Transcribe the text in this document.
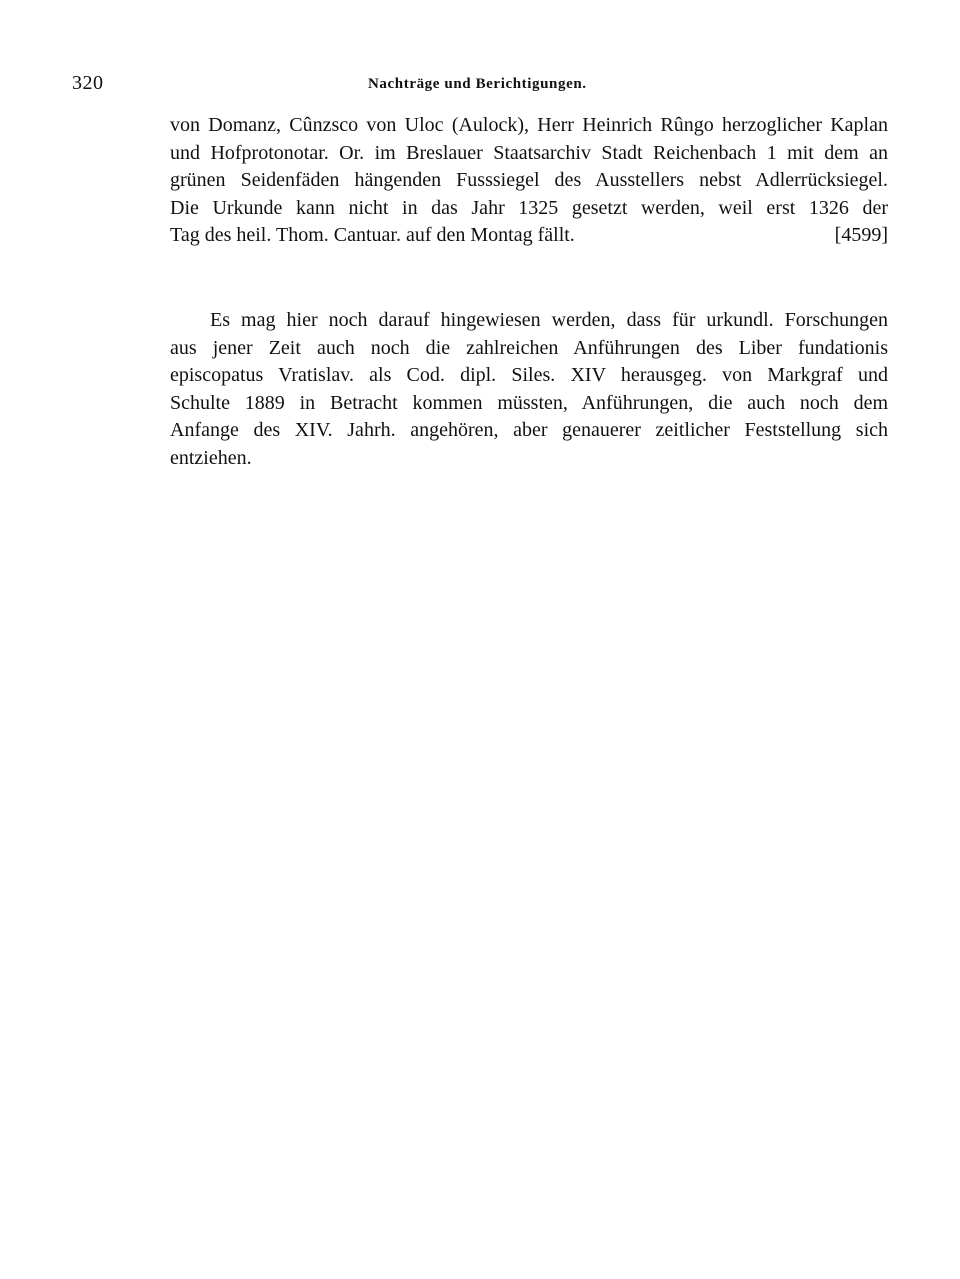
320	Nachträge und Berichtigungen.
von Domanz, Cûnzsco von Uloc (Aulock), Herr Heinrich Rûngo herzoglicher Kaplan
und Hofprotonotar. Or. im Breslauer Staatsarchiv Stadt Reichenbach 1 mit dem an
grünen Seidenfäden hängenden Fusssiegel des Ausstellers nebst Adlerrücksiegel.
Die Urkunde kann nicht in das Jahr 1325 gesetzt werden, weil erst 1326 der
Tag des heil. Thom. Cantuar. auf den Montag fällt.	[4599]
Es mag hier noch darauf hingewiesen werden, dass für urkundl. Forschungen
aus jener Zeit auch noch die zahlreichen Anführungen des Liber fundationis
episcopatus Vratislav. als Cod. dipl. Siles. XIV herausgeg. von Markgraf und
Schulte 1889 in Betracht kommen müssten, Anführungen, die auch noch dem
Anfange des XIV. Jahrh. angehören, aber genauerer zeitlicher Feststellung sich
entziehen.
